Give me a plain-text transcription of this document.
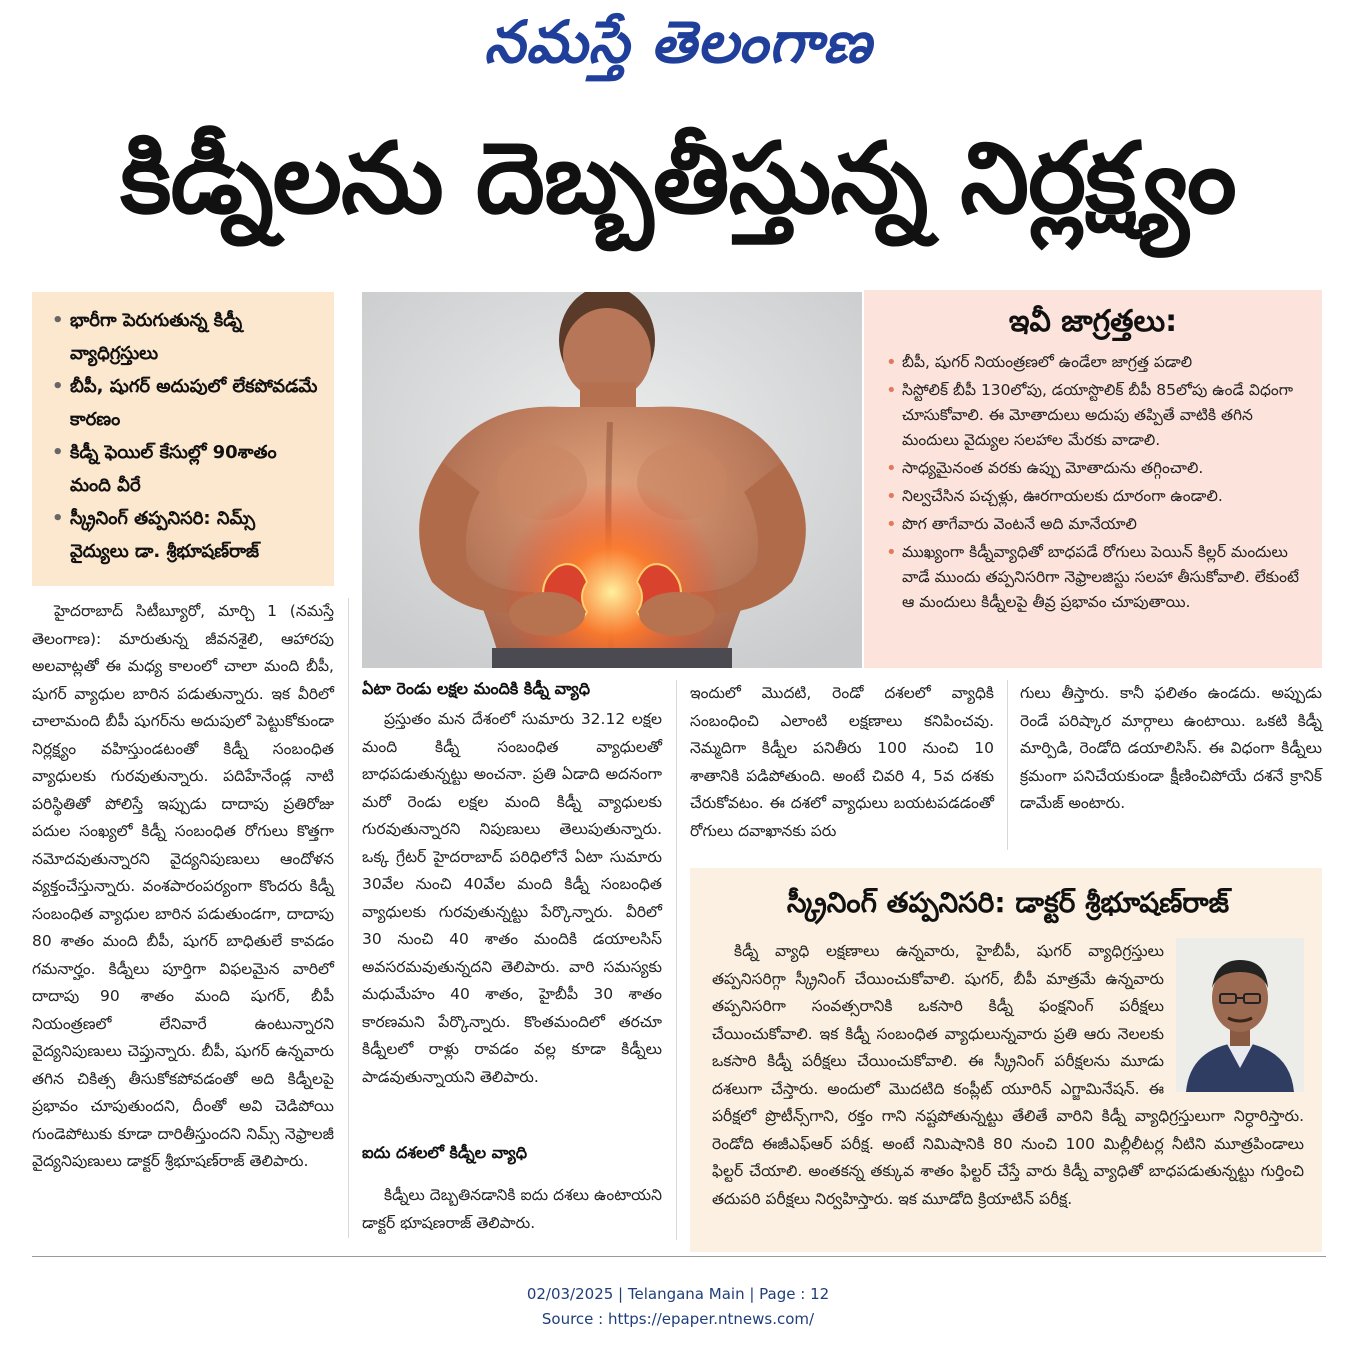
నమస్తే తెలంగాణ
కిడ్నీలను దెబ్బతీస్తున్న నిర్లక్ష్యం
• భారీగా పెరుగుతున్న కిడ్నీ వ్యాధిగ్రస్తులు
• బీపీ, షుగర్ అదుపులో లేకపోవడమే కారణం
• కిడ్నీ ఫెయిల్ కేసుల్లో 90శాతం మంది వీరే
• స్క్రీనింగ్ తప్పనిసరి: నిమ్స్ వైద్యులు డా. శ్రీభూషణ్‌రాజ్
ఇవీ జాగ్రత్తలు:
• బీపీ, షుగర్ నియంత్రణలో ఉండేలా జాగ్రత్త పడాలి
• సిస్టోలిక్ బీపీ 130లోపు, డయాస్టొలిక్ బీపీ 85లోపు ఉండే విధంగా చూసుకోవాలి. ఈ మోతాదులు అదుపు తప్పితే వాటికి తగిన మందులు వైద్యుల సలహాల మేరకు వాడాలి.
• సాధ్యమైనంత వరకు ఉప్పు మోతాదును తగ్గించాలి.
• నిల్వచేసిన పచ్చళ్లు, ఊరగాయలకు దూరంగా ఉండాలి.
• పొగ తాగేవారు వెంటనే అది మానేయాలి
• ముఖ్యంగా కిడ్నీవ్యాధితో బాధపడే రోగులు పెయిన్ కిల్లర్ మందులు వాడే ముందు తప్పనిసరిగా నెఫ్రాలజిస్టు సలహా తీసుకోవాలి. లేకుంటే ఆ మందులు కిడ్నీలపై తీవ్ర ప్రభావం చూపుతాయి.

హైదరాబాద్ సిటీబ్యూరో, మార్చి 1 (నమస్తే తెలంగాణ): మారుతున్న జీవనశైలి, ఆహారపు అలవాట్లతో ఈ మధ్య కాలంలో చాలా మంది బీపీ, షుగర్ వ్యాధుల బారిన పడుతున్నారు. ఇక వీరిలో చాలామంది బీపీ షుగర్‌ను అదుపులో పెట్టుకోకుండా నిర్లక్ష్యం వహిస్తుండటంతో కిడ్నీ సంబంధిత వ్యాధులకు గురవుతున్నారు. పదిహేనేండ్ల నాటి పరిస్థితితో పోలిస్తే ఇప్పుడు దాదాపు ప్రతిరోజు పదుల సంఖ్యలో కిడ్నీ సంబంధిత రోగులు కొత్తగా నమోదవుతున్నారని వైద్యనిపుణులు ఆందోళన వ్యక్తంచేస్తున్నారు. వంశపారంపర్యంగా కొందరు కిడ్నీ సంబంధిత వ్యాధుల బారిన పడుతుండగా, దాదాపు 80 శాతం మంది బీపీ, షుగర్ బాధితులే కావడం గమనార్హం. కిడ్నీలు పూర్తిగా విఫలమైన వారిలో దాదాపు 90 శాతం మంది షుగర్, బీపీ నియంత్రణలో లేనివారే ఉంటున్నారని వైద్యనిపుణులు చెప్తున్నారు. బీపీ, షుగర్ ఉన్నవారు తగిన చికిత్స తీసుకోకపోవడంతో అది కిడ్నీలపై ప్రభావం చూపుతుందని, దీంతో అవి చెడిపోయి గుండెపోటుకు కూడా దారితీస్తుందని నిమ్స్ నెఫ్రాలజీ వైద్యనిపుణులు డాక్టర్ శ్రీభూషణ్‌రాజ్ తెలిపారు.

ఏటా రెండు లక్షల మందికి కిడ్నీ వ్యాధి

ప్రస్తుతం మన దేశంలో సుమారు 32.12 లక్షల మంది కిడ్నీ సంబంధిత వ్యాధులతో బాధపడుతున్నట్టు అంచనా. ప్రతి ఏడాది అదనంగా మరో రెండు లక్షల మంది కిడ్నీ వ్యాధులకు గురవుతున్నారని నిపుణులు తెలుపుతున్నారు. ఒక్క గ్రేటర్ హైదరాబాద్ పరిధిలోనే ఏటా సుమారు 30వేల నుంచి 40వేల మంది కిడ్నీ సంబంధిత వ్యాధులకు గురవుతున్నట్టు పేర్కొన్నారు. వీరిలో 30 నుంచి 40 శాతం మందికి డయాలసిస్ అవసరమవుతున్నదని తెలిపారు. వారి సమస్యకు మధుమేహం 40 శాతం, హైబీపీ 30 శాతం కారణమని పేర్కొన్నారు. కొంతమందిలో తరచూ కిడ్నీలలో రాళ్లు రావడం వల్ల కూడా కిడ్నీలు పాడవుతున్నాయని తెలిపారు.

ఐదు దశలలో కిడ్నీల వ్యాధి

కిడ్నీలు దెబ్బతినడానికి ఐదు దశలు ఉంటాయని డాక్టర్ భూషణరాజ్ తెలిపారు.

ఇందులో మొదటి, రెండో దశలలో వ్యాధికి సంబంధించి ఎలాంటి లక్షణాలు కనిపించవు. నెమ్మదిగా కిడ్నీల పనితీరు 100 నుంచి 10 శాతానికి పడిపోతుంది. అంటే చివరి 4, 5వ దశకు చేరుకోవటం. ఈ దశలో వ్యాధులు బయటపడడంతో రోగులు దవాఖానకు పరు

గులు తీస్తారు. కానీ ఫలితం ఉండదు. అప్పుడు రెండే పరిష్కార మార్గాలు ఉంటాయి. ఒకటి కిడ్నీ మార్పిడి, రెండోది డయాలిసిస్. ఈ విధంగా కిడ్నీలు క్రమంగా పనిచేయకుండా క్షీణించిపోయే దశనే క్రానిక్ డామేజ్ అంటారు.

స్క్రీనింగ్ తప్పనిసరి: డాక్టర్ శ్రీభూషణ్‌రాజ్

కిడ్నీ వ్యాధి లక్షణాలు ఉన్నవారు, హైబీపీ, షుగర్ వ్యాధిగ్రస్తులు తప్పనిసరిగ్గా స్క్రీనింగ్ చేయించుకోవాలి. షుగర్, బీపీ మాత్రమే ఉన్నవారు తప్పనిసరిగా సంవత్సరానికి ఒకసారి కిడ్నీ ఫంక్షనింగ్ పరీక్షలు చేయించుకోవాలి. ఇక కిడ్నీ సంబంధిత వ్యాధులున్నవారు ప్రతి ఆరు నెలలకు ఒకసారి కిడ్నీ పరీక్షలు చేయించుకోవాలి. ఈ స్క్రీనింగ్ పరీక్షలను మూడు దశలుగా చేస్తారు. అందులో మొదటిది కంప్లీట్ యూరిన్ ఎగ్జామినేషన్. ఈ పరీక్షలో ప్రొటీన్స్‌గాని, రక్తం గాని నష్టపోతున్నట్టు తేలితే వారిని కిడ్నీ వ్యాధిగ్రస్తులుగా నిర్ధారిస్తారు. రెండోది ఈజీఎఫ్‌ఆర్ పరీక్ష. అంటే నిమిషానికి 80 నుంచి 100 మిల్లీలీటర్ల నీటిని మూత్రపిండాలు ఫిల్టర్ చేయాలి. అంతకన్న తక్కువ శాతం ఫిల్టర్ చేస్తే వారు కిడ్నీ వ్యాధితో బాధపడుతున్నట్టు గుర్తించి తదుపరి పరీక్షలు నిర్వహిస్తారు. ఇక మూడోది క్రియాటిన్ పరీక్ష.

02/03/2025 | Telangana Main | Page : 12
Source : https://epaper.ntnews.com/
